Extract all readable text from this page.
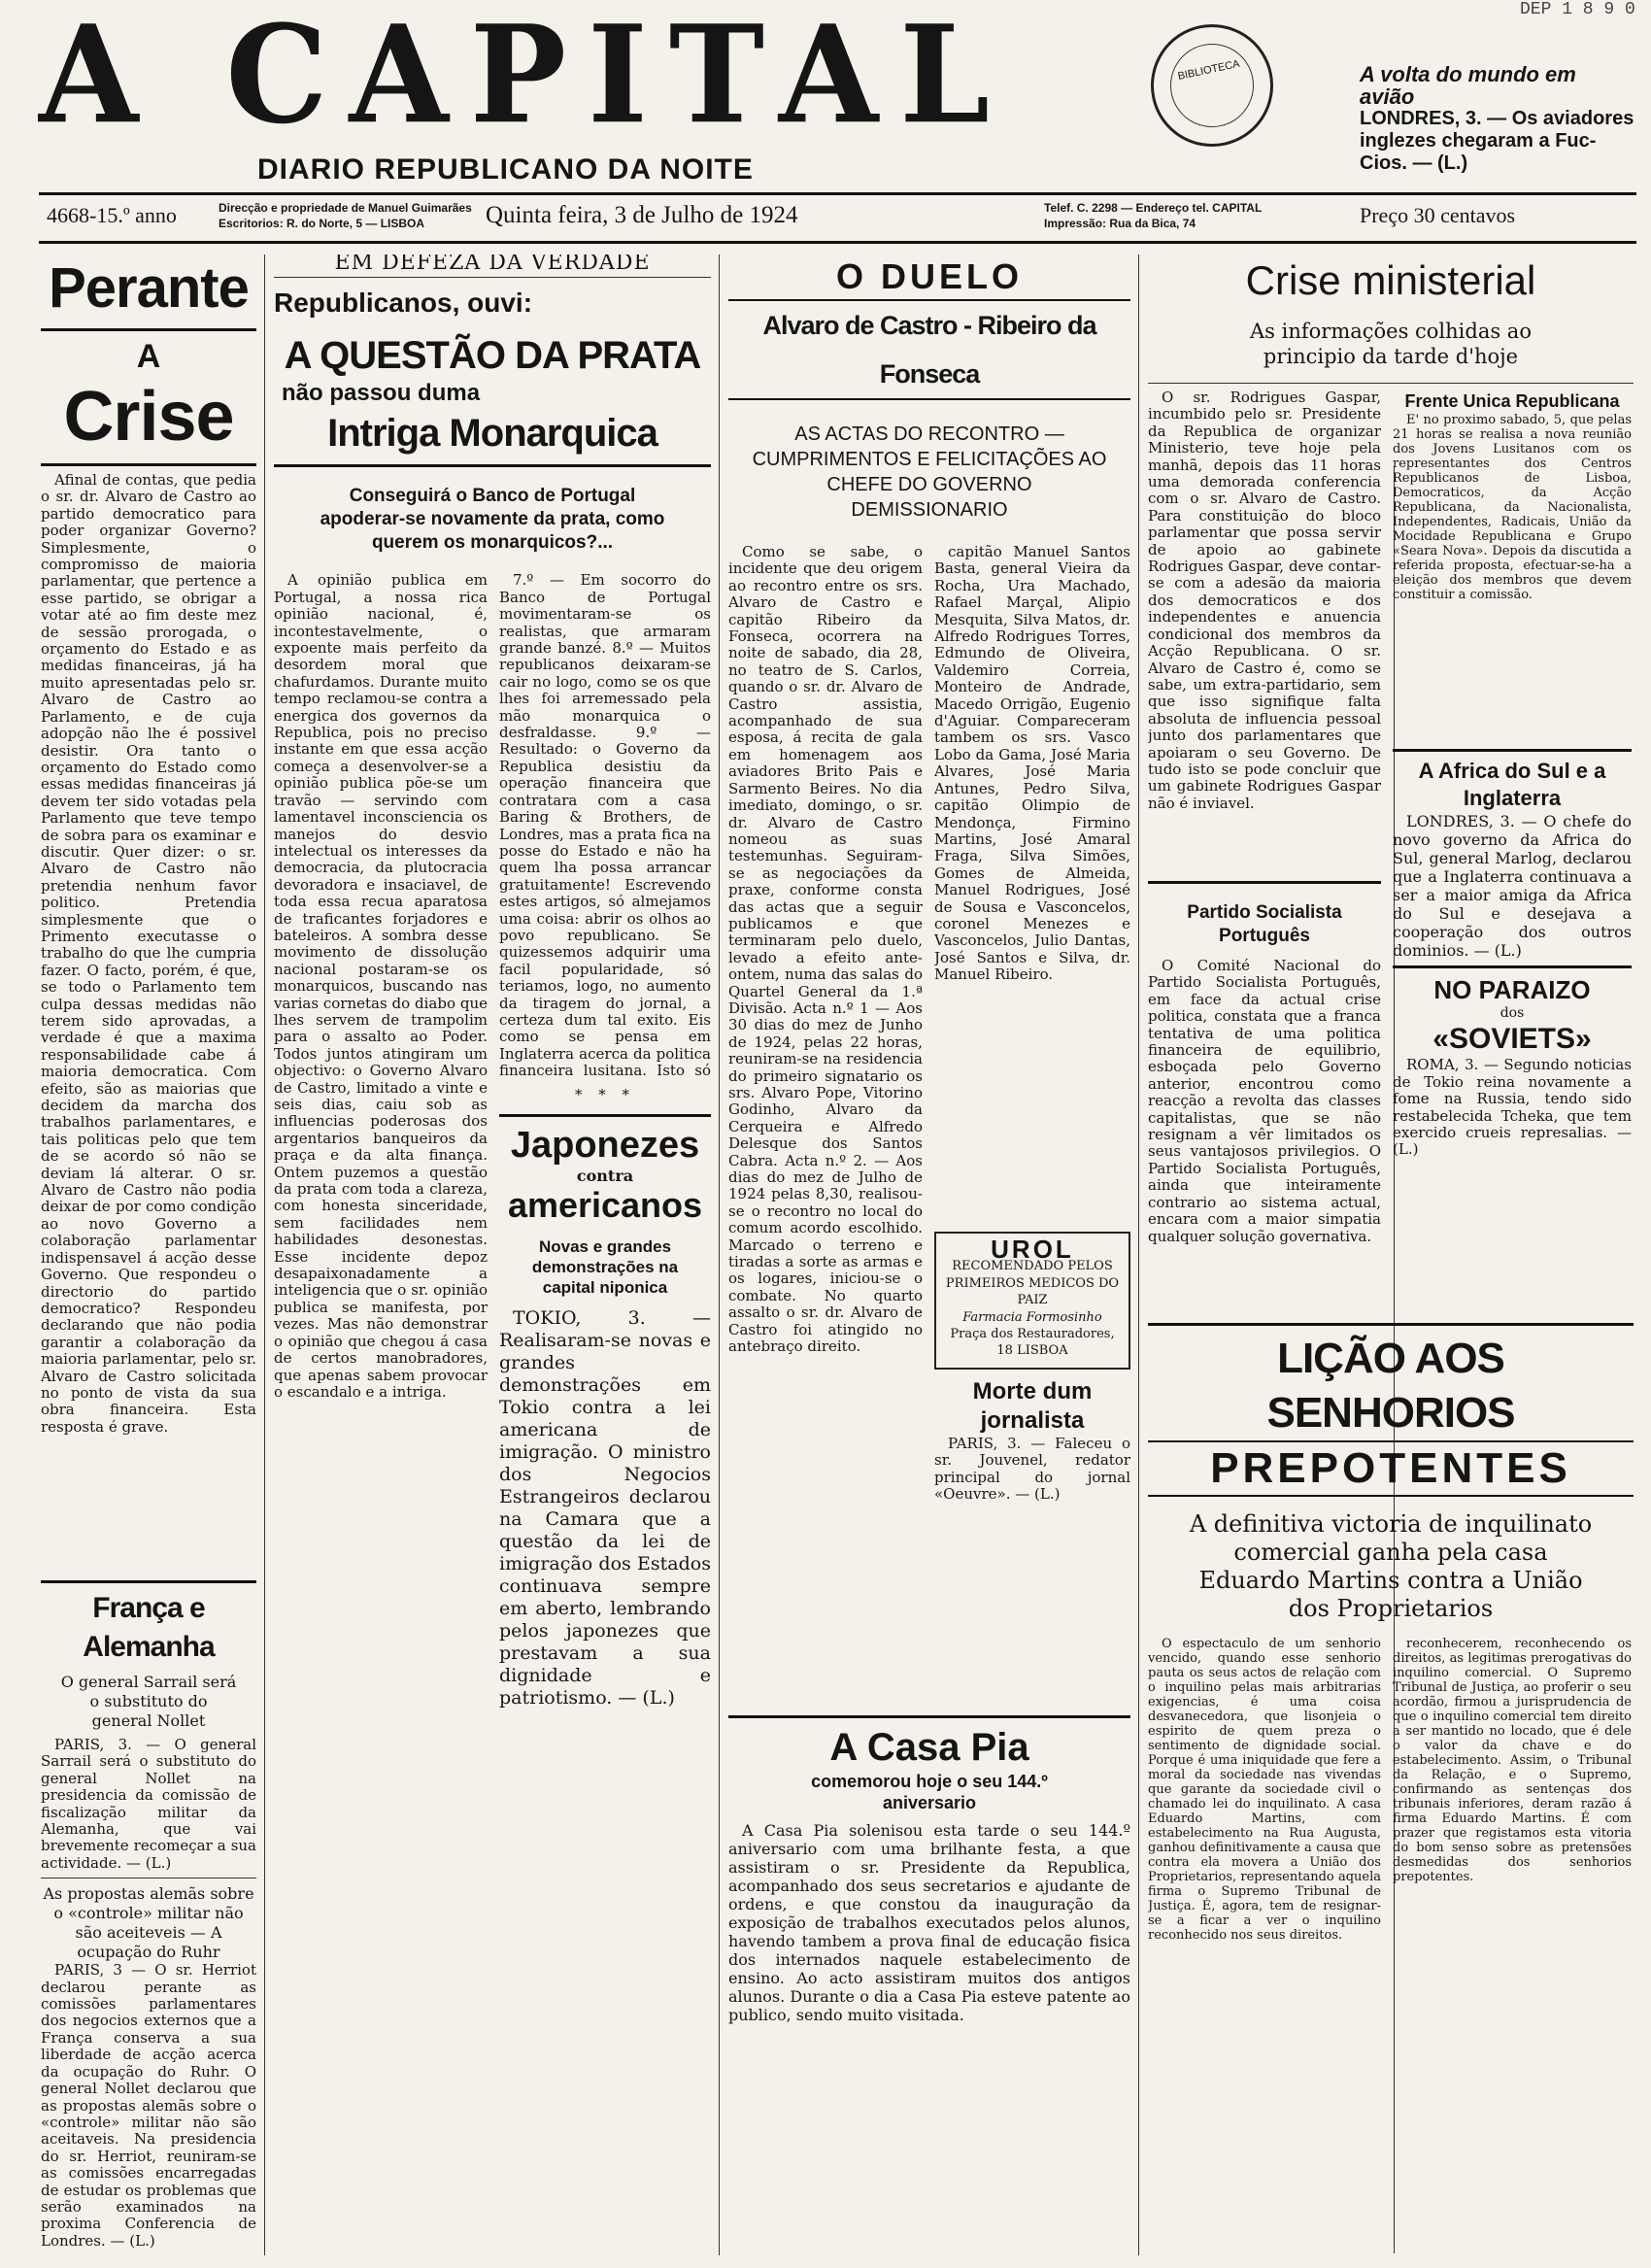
DEP 1 8 9 0
A CAPITAL	BIBLIOTECA
DIARIO REPUBLICANO DA NOITE
A volta do mundo em avião
LONDRES, 3. — Os aviadores inglezes chegaram a Fuc-Cios. — (L.)
4668-15.º anno	Direcção e propriedade de Manuel Guimarães
Escritorios: R. do Norte, 5 — LISBOA	Quinta feira, 3 de Julho de 1924	Telef. C. 2298 — Endereço tel. CAPITAL
Impressão: Rua da Bica, 74	Preço 30 centavos
Perante
A
Crise

Afinal de contas, que pedia o sr. dr. Alvaro de Castro ao partido democratico para poder organizar Governo? Simplesmente, o compromisso de maioria parlamentar, que pertence a esse partido, se obrigar a votar até ao fim deste mez de sessão prorogada, o orçamento do Estado e as medidas financeiras, já ha muito apresentadas pelo sr. Alvaro de Castro ao Parlamento, e de cuja adopção não lhe é possivel desistir. Ora tanto o orçamento do Estado como essas medidas financeiras já devem ter sido votadas pela Parlamento que teve tempo de sobra para os examinar e discutir. Quer dizer: o sr. Alvaro de Castro não pretendia nenhum favor politico. Pretendia simplesmente que o Primento executasse o trabalho do que lhe cumpria fazer. O facto, porém, é que, se todo o Parlamento tem culpa dessas medidas não terem sido aprovadas, a verdade é que a maxima responsabilidade cabe á maioria democratica. Com efeito, são as maiorias que decidem da marcha dos trabalhos parlamentares, e tais politicas pelo que tem de se acordo só não se deviam lá alterar. O sr. Alvaro de Castro não podia deixar de por como condição ao novo Governo a colaboração parlamentar indispensavel á acção desse Governo. Que respondeu o directorio do partido democratico? Respondeu declarando que não podia garantir a colaboração da maioria parlamentar, pelo sr. Alvaro de Castro solicitada no ponto de vista da sua obra financeira. Esta resposta é grave.

França e Alemanha
O general Sarrail será o substituto do general Nollet

PARIS, 3. — O general Sarrail será o substituto do general Nollet na presidencia da comissão de fiscalização militar da Alemanha, que vai brevemente recomeçar a sua actividade. — (L.)

As propostas alemãs sobre o «controle» militar não são aceiteveis — A ocupação do Ruhr

PARIS, 3 — O sr. Herriot declarou perante as comissões parlamentares dos negocios externos que a França conserva a sua liberdade de acção acerca da ocupação do Ruhr. O general Nollet declarou que as propostas alemãs sobre o «controle» militar não são aceitaveis. Na presidencia do sr. Herriot, reuniram-se as comissões encarregadas de estudar os problemas que serão examinados na proxima Conferencia de Londres. — (L.)

EM DEFEZA DA VERDADE
Republicanos, ouvi:
A QUESTÃO DA PRATA
não passou duma
Intriga Monarquica
Conseguirá o Banco de Portugal apoderar-se novamente da prata, como querem os monarquicos?...

A opinião publica em Portugal, a nossa rica opinião nacional, é, incontestavelmente, o expoente mais perfeito da desordem moral que chafurdamos. Durante muito tempo reclamou-se contra a energica dos governos da Republica, pois no preciso instante em que essa acção começa a desenvolver-se a opinião publica põe-se um travão — servindo com lamentavel inconsciencia os manejos do desvio intelectual os interesses da democracia, da plutocracia devoradora e insaciavel, de toda essa recua aparatosa de traficantes forjadores e bateleiros. A sombra desse movimento de dissolução nacional postaram-se os monarquicos, buscando nas varias cornetas do diabo que lhes servem de trampolim para o assalto ao Poder. Todos juntos atingiram um objectivo: o Governo Alvaro de Castro, limitado a vinte e seis dias, caiu sob as influencias poderosas dos argentarios banqueiros da praça e da alta finança. Ontem puzemos a questão da prata com toda a clareza, com honesta sinceridade, sem facilidades nem habilidades desonestas. Esse incidente depoz desapaixonadamente a inteligencia que o sr. opinião publica se manifesta, por vezes. Mas não demonstrar o opinião que chegou á casa de certos manobradores, que apenas sabem provocar o escandalo e a intriga.

7.º — Em socorro do Banco de Portugal movimentaram-se os realistas, que armaram grande banzé. 8.º — Muitos republicanos deixaram-se cair no logo, como se os que lhes foi arremessado pela mão monarquica o desfraldasse. 9.º — Resultado: o Governo da Republica desistiu da operação financeira que contratara com a casa Baring & Brothers, de Londres, mas a prata fica na posse do Estado e não ha quem lha possa arrancar gratuitamente! Escrevendo estes artigos, só almejamos uma coisa: abrir os olhos ao povo republicano. Se quizessemos adquirir uma facil popularidade, só teriamos, logo, no aumento da tiragem do jornal, a certeza dum tal exito. Eis como se pensa em Inglaterra acerca da politica financeira lusitana. Isto só

* * *
Japonezes
contra
americanos
Novas e grandes demonstrações na capital niponica

TOKIO, 3. — Realisaram-se novas e grandes demonstrações em Tokio contra a lei americana de imigração. O ministro dos Negocios Estrangeiros declarou na Camara que a questão da lei de imigração dos Estados continuava sempre em aberto, lembrando pelos japonezes que prestavam a sua dignidade e patriotismo. — (L.)

O DUELO
Alvaro de Castro - Ribeiro da Fonseca
AS ACTAS DO RECONTRO — CUMPRIMENTOS E FELICITAÇÕES AO CHEFE DO GOVERNO DEMISSIONARIO

Como se sabe, o incidente que deu origem ao recontro entre os srs. Alvaro de Castro e capitão Ribeiro da Fonseca, ocorrera na noite de sabado, dia 28, no teatro de S. Carlos, quando o sr. dr. Alvaro de Castro assistia, acompanhado de sua esposa, á recita de gala em homenagem aos aviadores Brito Pais e Sarmento Beires. No dia imediato, domingo, o sr. dr. Alvaro de Castro nomeou as suas testemunhas. Seguiram-se as negociações da praxe, conforme consta das actas que a seguir publicamos e que terminaram pelo duelo, levado a efeito ante-ontem, numa das salas do Quartel General da 1.ª Divisão. Acta n.º 1 — Aos 30 dias do mez de Junho de 1924, pelas 22 horas, reuniram-se na residencia do primeiro signatario os srs. Alvaro Pope, Vitorino Godinho, Alvaro da Cerqueira e Alfredo Delesque dos Santos Cabra. Acta n.º 2. — Aos dias do mez de Julho de 1924 pelas 8,30, realisou-se o recontro no local do comum acordo escolhido. Marcado o terreno e tiradas a sorte as armas e os logares, iniciou-se o combate. No quarto assalto o sr. dr. Alvaro de Castro foi atingido no antebraço direito.

capitão Manuel Santos Basta, general Vieira da Rocha, Ura Machado, Rafael Marçal, Alipio Mesquita, Silva Matos, dr. Alfredo Rodrigues Torres, Edmundo de Oliveira, Valdemiro Correia, Monteiro de Andrade, Macedo Orrigão, Eugenio d'Aguiar. Compareceram tambem os srs. Vasco Lobo da Gama, José Maria Alvares, José Maria Antunes, Pedro Silva, capitão Olimpio de Mendonça, Firmino Martins, José Amaral Fraga, Silva Simões, Gomes de Almeida, Manuel Rodrigues, José de Sousa e Vasconcelos, coronel Menezes e Vasconcelos, Julio Dantas, José Santos e Silva, dr. Manuel Ribeiro.

UROL
RECOMENDADO PELOS PRIMEIROS MEDICOS DO PAIZ
Farmacia Formosinho
Praça dos Restauradores, 18 LISBOA
Morte dum jornalista

PARIS, 3. — Faleceu o sr. Jouvenel, redator principal do jornal «Oeuvre». — (L.)

A Casa Pia
comemorou hoje o seu 144.º aniversario

A Casa Pia solenisou esta tarde o seu 144.º aniversario com uma brilhante festa, a que assistiram o sr. Presidente da Republica, acompanhado dos seus secretarios e ajudante de ordens, e que constou da inauguração da exposição de trabalhos executados pelos alunos, havendo tambem a prova final de educação fisica dos internados naquele estabelecimento de ensino. Ao acto assistiram muitos dos antigos alunos. Durante o dia a Casa Pia esteve patente ao publico, sendo muito visitada.

Crise ministerial
As informações colhidas ao principio da tarde d'hoje

O sr. Rodrigues Gaspar, incumbido pelo sr. Presidente da Republica de organizar Ministerio, teve hoje pela manhã, depois das 11 horas uma demorada conferencia com o sr. Alvaro de Castro. Para constituição do bloco parlamentar que possa servir de apoio ao gabinete Rodrigues Gaspar, deve contar-se com a adesão da maioria dos democraticos e dos independentes e anuencia condicional dos membros da Acção Republicana. O sr. Alvaro de Castro é, como se sabe, um extra-partidario, sem que isso signifique falta absoluta de influencia pessoal junto dos parlamentares que apoiaram o seu Governo. De tudo isto se pode concluir que um gabinete Rodrigues Gaspar não é inviavel.

Partido Socialista Português

O Comité Nacional do Partido Socialista Português, em face da actual crise politica, constata que a franca tentativa de uma politica financeira de equilibrio, esboçada pelo Governo anterior, encontrou como reacção a revolta das classes capitalistas, que se não resignam a vêr limitados os seus vantajosos privilegios. O Partido Socialista Português, ainda que inteiramente contrario ao sistema actual, encara com a maior simpatia qualquer solução governativa.

Frente Unica Republicana

E' no proximo sabado, 5, que pelas 21 horas se realisa a nova reunião dos Jovens Lusitanos com os representantes dos Centros Republicanos de Lisboa, Democraticos, da Acção Republicana, da Nacionalista, Independentes, Radicais, União da Mocidade Republicana e Grupo «Seara Nova». Depois da discutida a referida proposta, efectuar-se-ha a eleição dos membros que devem constituir a comissão.

A Africa do Sul e a Inglaterra

LONDRES, 3. — O chefe do novo governo da Africa do Sul, general Marlog, declarou que a Inglaterra continuava a ser a maior amiga da Africa do Sul e desejava a cooperação dos outros dominios. — (L.)

NO PARAIZO
dos
«SOVIETS»

ROMA, 3. — Segundo noticias de Tokio reina novamente a fome na Russia, tendo sido restabelecida Tcheka, que tem exercido crueis represalias. — (L.)

LIÇÃO AOS SENHORIOS
PREPOTENTES
A definitiva victoria de inquilinato comercial ganha pela casa Eduardo Martins contra a União dos Proprietarios

O espectaculo de um senhorio vencido, quando esse senhorio pauta os seus actos de relação com o inquilino pelas mais arbitrarias exigencias, é uma coisa desvanecedora, que lisonjeia o espirito de quem preza o sentimento de dignidade social. Porque é uma iniquidade que fere a moral da sociedade nas vivendas que garante da sociedade civil o chamado lei do inquilinato. A casa Eduardo Martins, com estabelecimento na Rua Augusta, ganhou definitivamente a causa que contra ela movera a União dos Proprietarios, representando aquela firma o Supremo Tribunal de Justiça. É, agora, tem de resignar-se a ficar a ver o inquilino reconhecido nos seus direitos.

reconhecerem, reconhecendo os direitos, as legitimas prerogativas do inquilino comercial. O Supremo Tribunal de Justiça, ao proferir o seu acordão, firmou a jurisprudencia de que o inquilino comercial tem direito a ser mantido no locado, que é dele o valor da chave e do estabelecimento. Assim, o Tribunal da Relação, e o Supremo, confirmando as sentenças dos tribunais inferiores, deram razão á firma Eduardo Martins. É com prazer que registamos esta vitoria do bom senso sobre as pretensões desmedidas dos senhorios prepotentes.
